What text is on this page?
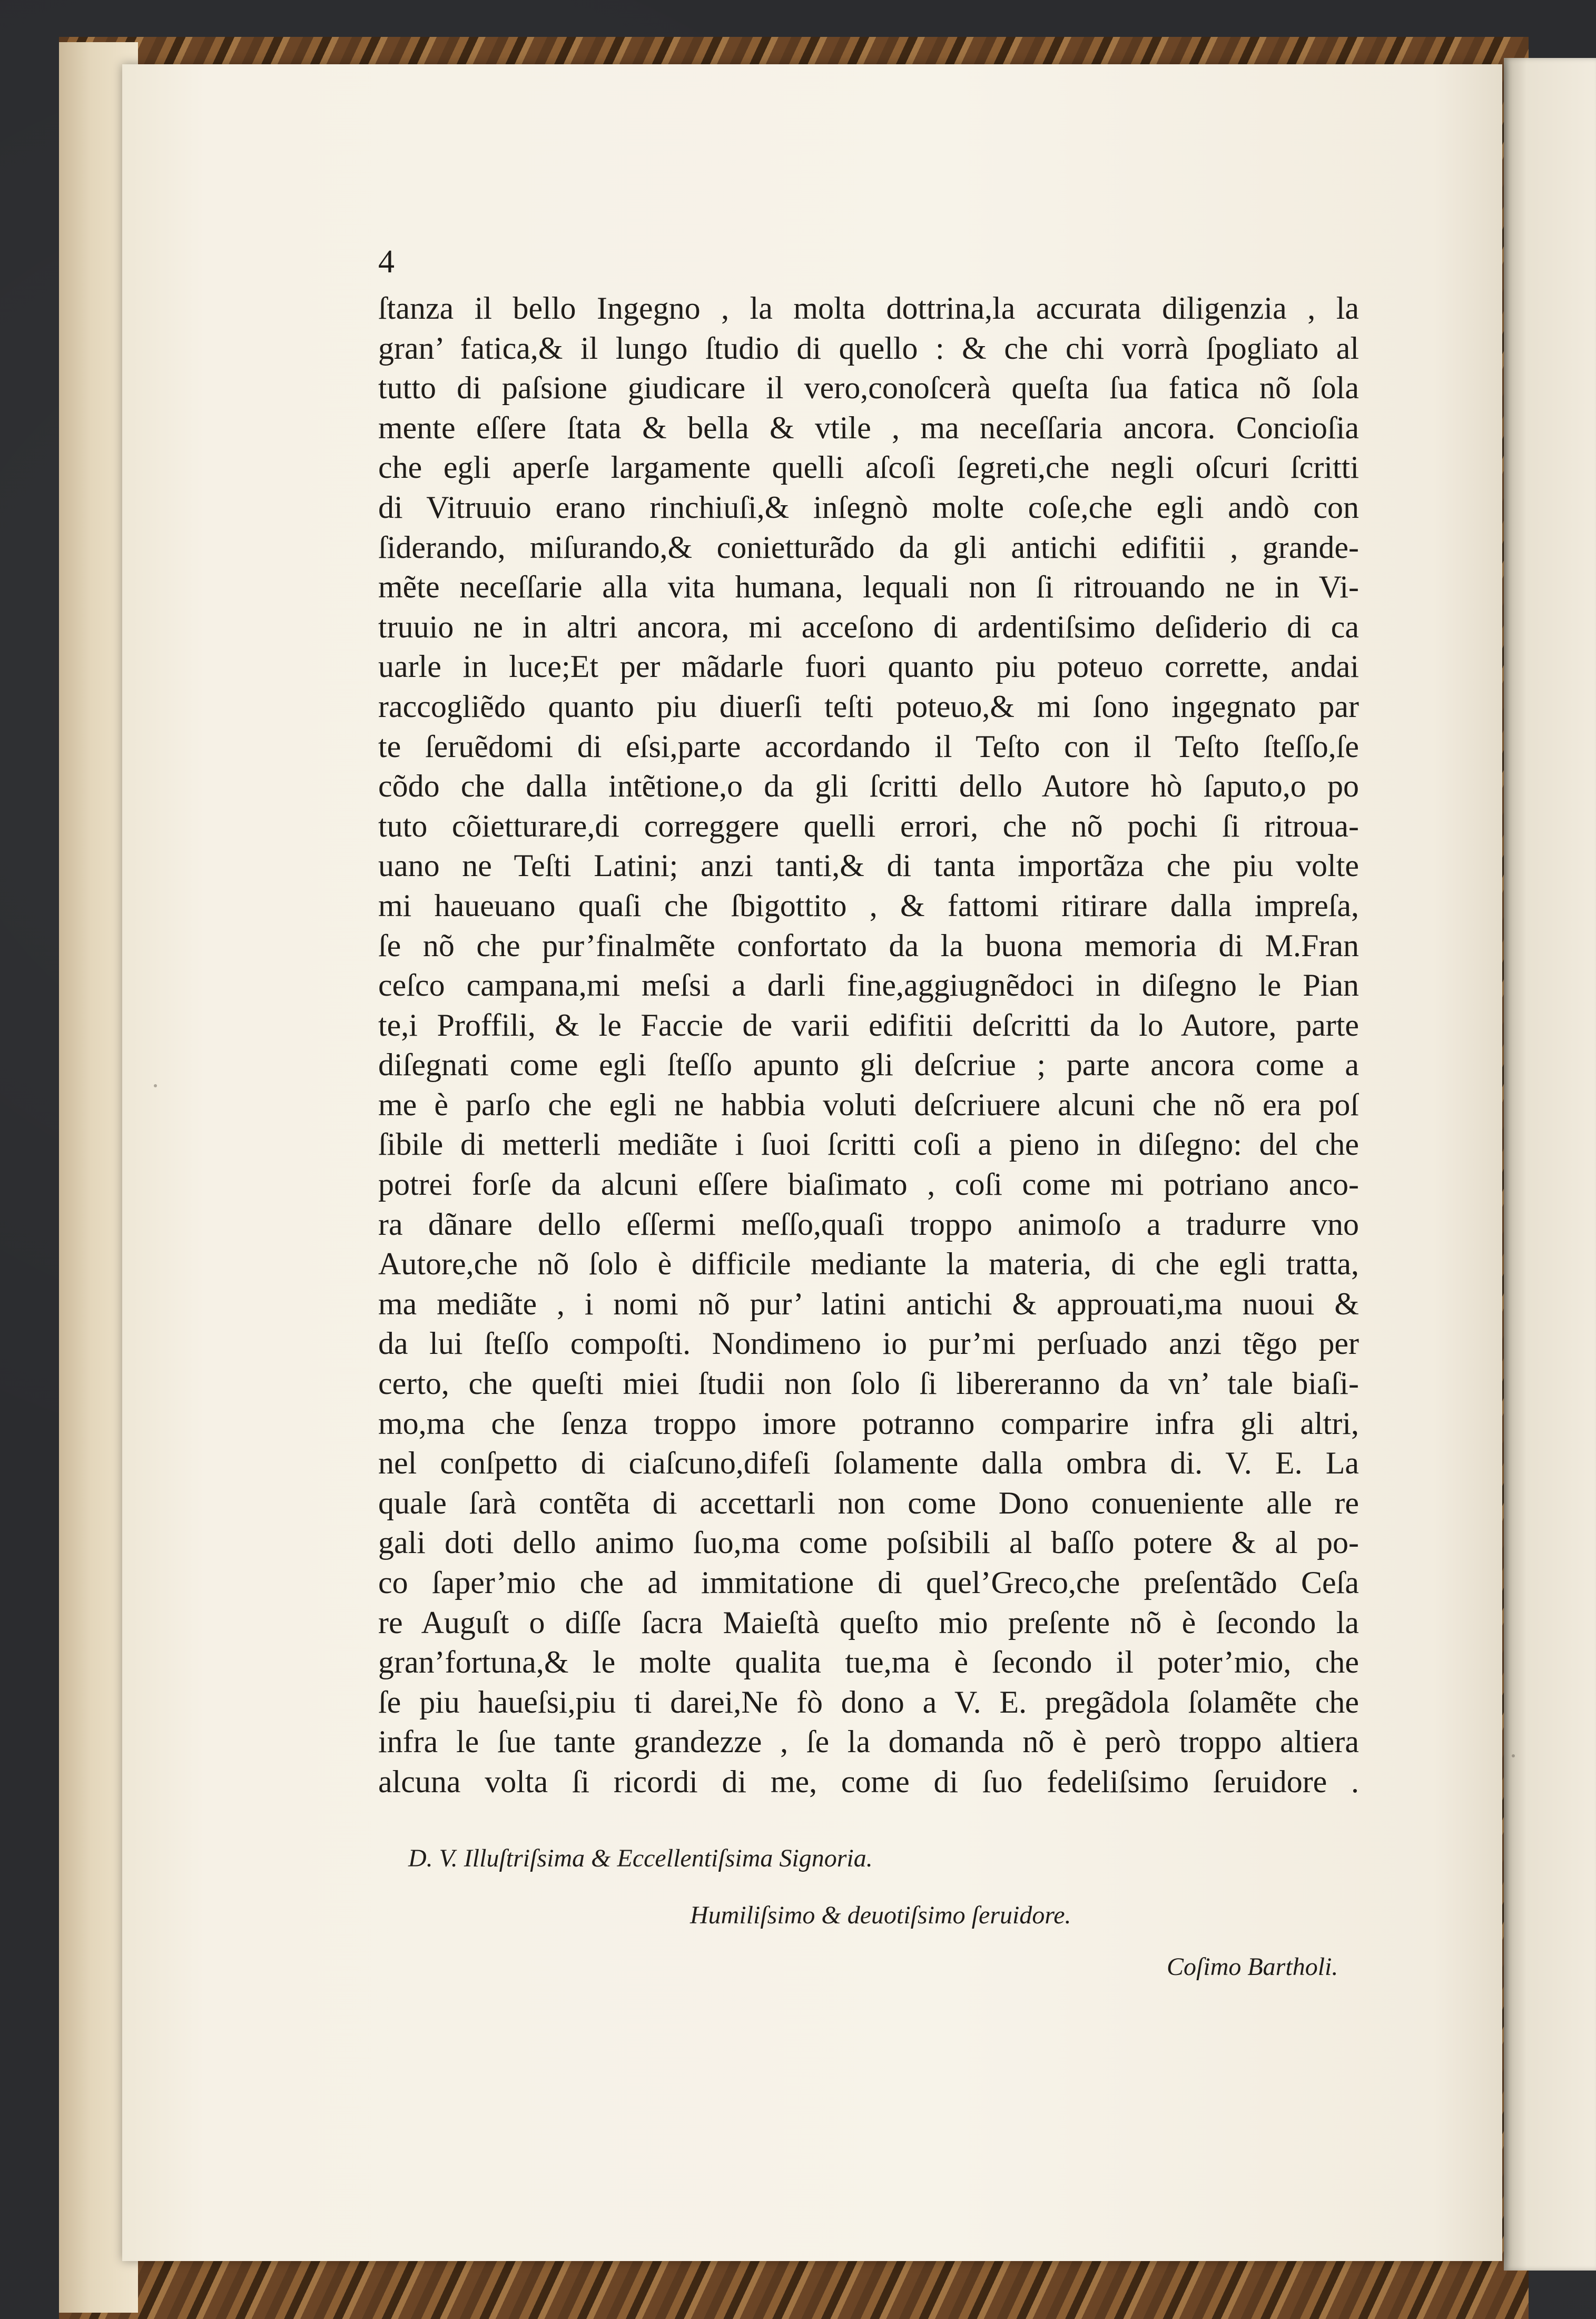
4
ſtanza il bello Ingegno , la molta dottrina,la accurata diligenzia , la
gran’ fatica,& il lungo ſtudio di quello : & che chi vorrà ſpogliato al
tutto di paſsione giudicare il vero,conoſcerà queſta ſua fatica nõ ſola
mente eſſere ſtata & bella & vtile , ma neceſſaria ancora. Concioſia
che egli aperſe largamente quelli aſcoſi ſegreti,che negli oſcuri ſcritti
di Vitruuio erano rinchiuſi,& inſegnò molte coſe,che egli andò con
ſiderando, miſurando,& conietturãdo da gli antichi edifitii , grande-
mẽte neceſſarie alla vita humana, lequali non ſi ritrouando ne in Vi-
truuio ne in altri ancora, mi acceſono di ardentiſsimo deſiderio di ca
uarle in luce;Et per mãdarle fuori quanto piu poteuo corrette, andai
raccogliẽdo quanto piu diuerſi teſti poteuo,& mi ſono ingegnato par
te ſeruẽdomi di eſsi,parte accordando il Teſto con il Teſto ſteſſo,ſe
cõdo che dalla intẽtione,o da gli ſcritti dello Autore hò ſaputo,o po
tuto cõietturare,di correggere quelli errori, che nõ pochi ſi ritroua-
uano ne Teſti Latini; anzi tanti,& di tanta importãza che piu volte
mi haueuano quaſi che ſbigottito , & fattomi ritirare dalla impreſa,
ſe nõ che pur’finalmẽte confortato da la buona memoria di M.Fran
ceſco campana,mi meſsi a darli fine,aggiugnẽdoci in diſegno le Pian
te,i Proffili, & le Faccie de varii edifitii deſcritti da lo Autore, parte
diſegnati come egli ſteſſo apunto gli deſcriue ; parte ancora come a
me è parſo che egli ne habbia voluti deſcriuere alcuni che nõ era poſ
ſibile di metterli mediãte i ſuoi ſcritti coſi a pieno in diſegno: del che
potrei forſe da alcuni eſſere biaſimato , coſi come mi potriano anco-
ra dãnare dello eſſermi meſſo,quaſi troppo animoſo a tradurre vno
Autore,che nõ ſolo è difficile mediante la materia, di che egli tratta,
ma mediãte , i nomi nõ pur’ latini antichi & approuati,ma nuoui &
da lui ſteſſo compoſti. Nondimeno io pur’mi perſuado anzi tẽgo per
certo, che queſti miei ſtudii non ſolo ſi libereranno da vn’ tale biaſi-
mo,ma che ſenza troppo imore potranno comparire infra gli altri,
nel conſpetto di ciaſcuno,difeſi ſolamente dalla ombra di. V. E. La
quale ſarà contẽta di accettarli non come Dono conueniente alle re
gali doti dello animo ſuo,ma come poſsibili al baſſo potere & al po-
co ſaper’mio che ad immitatione di quel’Greco,che preſentãdo Ceſa
re Auguſt o diſſe ſacra Maieſtà queſto mio preſente nõ è ſecondo la
gran’fortuna,& le molte qualita tue,ma è ſecondo il poter’mio, che
ſe piu haueſsi,piu ti darei,Ne fò dono a V. E. pregãdola ſolamẽte che
infra le ſue tante grandezze , ſe la domanda nõ è però troppo altiera
alcuna volta ſi ricordi di me, come di ſuo fedeliſsimo ſeruidore .
D. V. Illuſtriſsima & Eccellentiſsima Signoria.
Humiliſsimo & deuotiſsimo ſeruidore.
Coſimo Bartholi.
